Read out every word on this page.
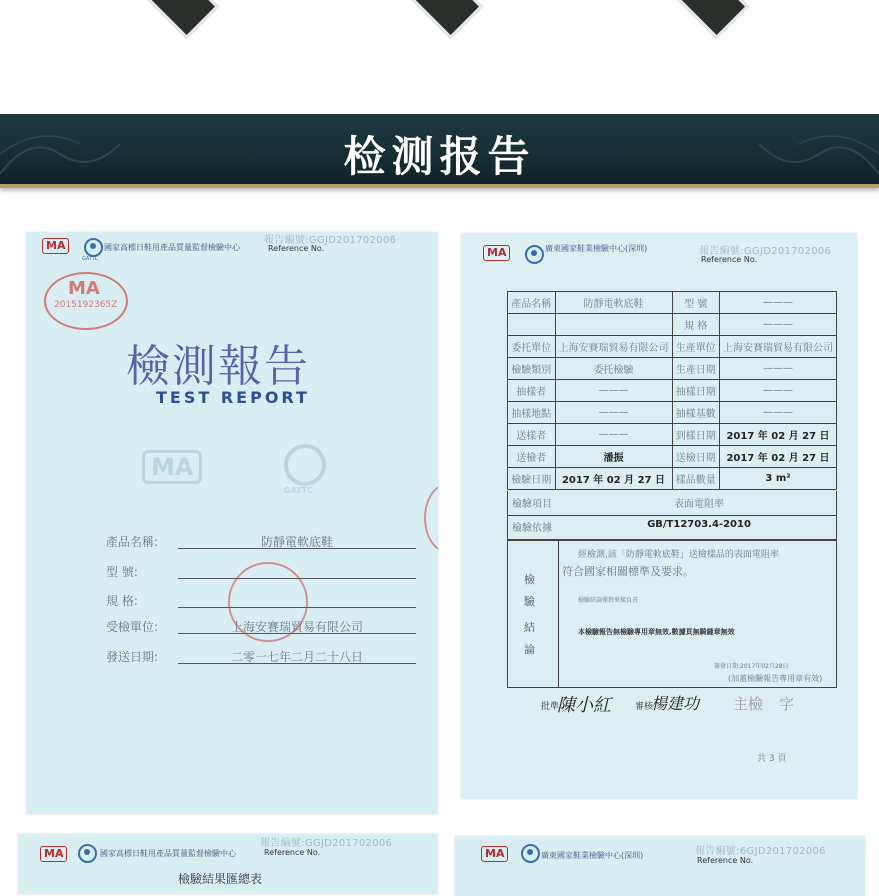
检测报告
MA
GATTC
國家高標日鞋用產品質量監督檢驗中心
報告編號:GGJD201702006
Reference No.
MA
2015192365Z
檢測報告
TEST REPORT
MA
GATTC
產品名稱:	防靜電軟底鞋
型 號:
規 格:
受檢單位:	上海安賽瑞貿易有限公司
發送日期:	二零一七年二月二十八日
MA	廣東國家鞋業檢驗中心(深圳)	報告編號:GGJD201702006
Reference No.
產品名稱	防靜電軟底鞋	型 號	———
		規 格	———
委托單位	上海安賽瑞貿易有限公司	生產單位	上海安賽瑞貿易有限公司
檢驗類別	委托檢驗	生產日期	———
抽樣者	———	抽樣日期	———
抽樣地點	———	抽樣基數	———
送樣者	———	到樣日期	2017 年 02 月 27 日
送檢者	潘振	送檢日期	2017 年 02 月 27 日
檢驗日期	2017 年 02 月 27 日	樣品數量	3 m²
檢驗項目	表面電阻率
檢驗依據	GB/T12703.4-2010
檢
驗
結
論
經檢測,該「防靜電軟底鞋」送檢樣品的表面電阻率
符合國家相關標準及要求。
檢驗結論僅對來樣負責
本檢驗報告無檢驗專用章無效,數據頁無騎縫章無效
簽發日期:2017年02月28日
(加蓋檢驗報告專用章有效)
批準
陳小紅	審核
楊建功 主檢 字
共 3 頁
MA	國家高標日鞋用產品質量監督檢驗中心
報告編號:GGJD201702006
Reference No.
檢驗結果匯總表
MA	廣東國家鞋業檢驗中心(深圳)	報告編號:6GJD201702006
Reference No.
